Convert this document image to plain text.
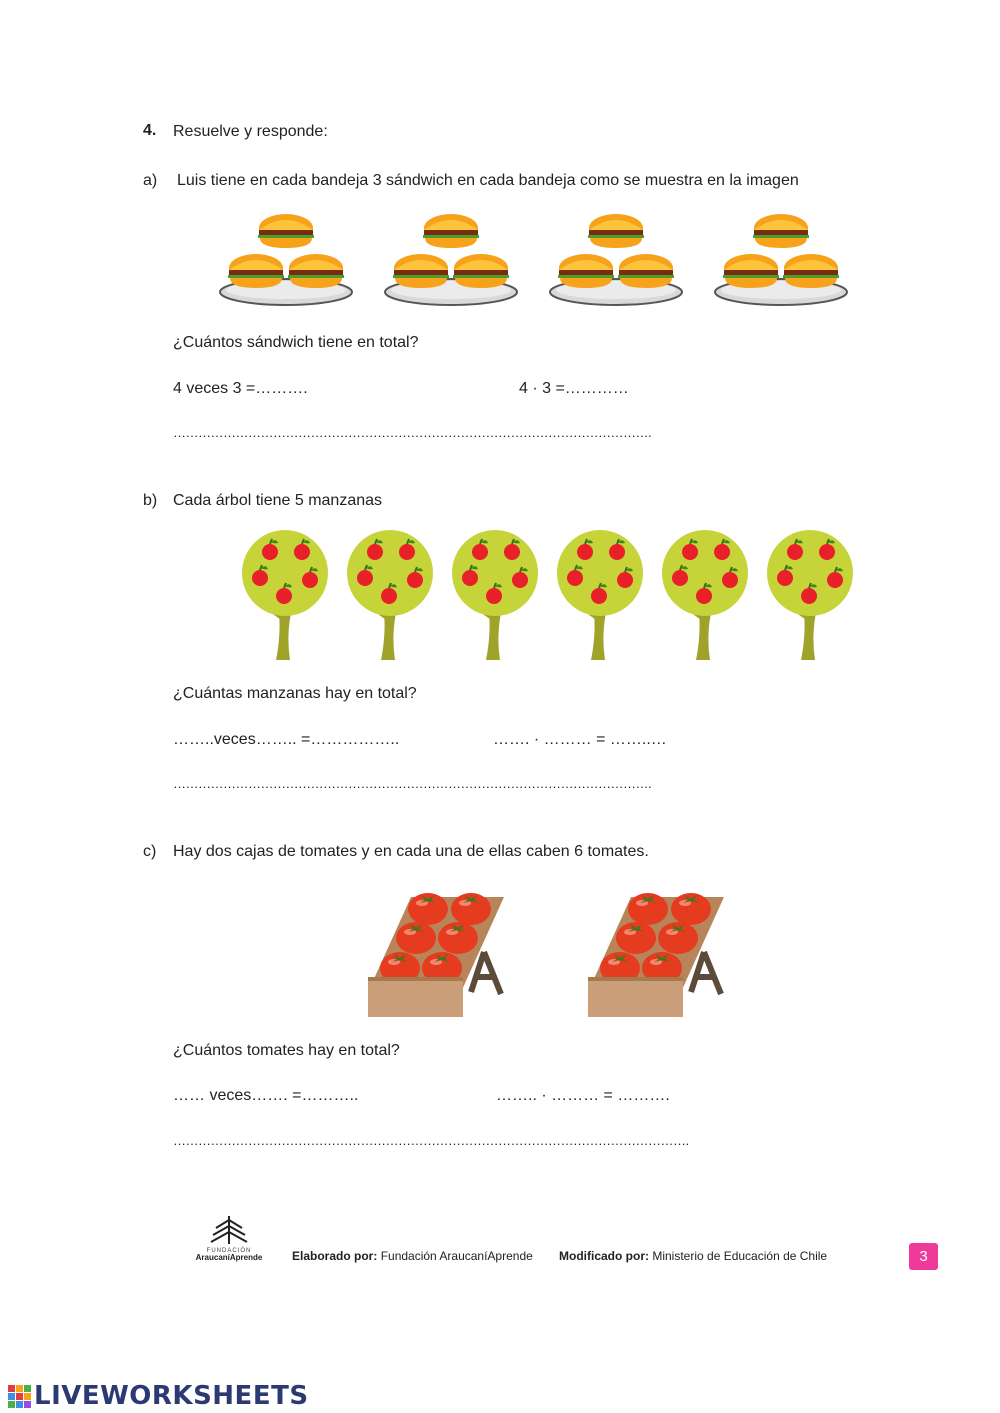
4. Resuelve y responde:
a) Luis tiene en cada bandeja 3 sándwich en cada bandeja como se muestra en la imagen
¿Cuántos sándwich tiene en total?
4 veces 3 =……….	4 · 3 =…………
…………………………………………………………………………………………………….
b) Cada árbol tiene 5 manzanas
¿Cuántas manzanas hay en total?
……..veces…….. =……………..	……. · ……… = ……..…
…………………………………………………………………………………………………….
c) Hay dos cajas de tomates y en cada una de ellas caben 6 tomates.
¿Cuántos tomates hay en total?
…… veces……. =………..	…….. · ……… = ……….
…………………………………………………………………………………………………………….
FUNDACIÓN
AraucaníAprende Elaborado por: Fundación AraucaníAprende Modificado por: Ministerio de Educación de Chile	3
LIVEWORKSHEETS
